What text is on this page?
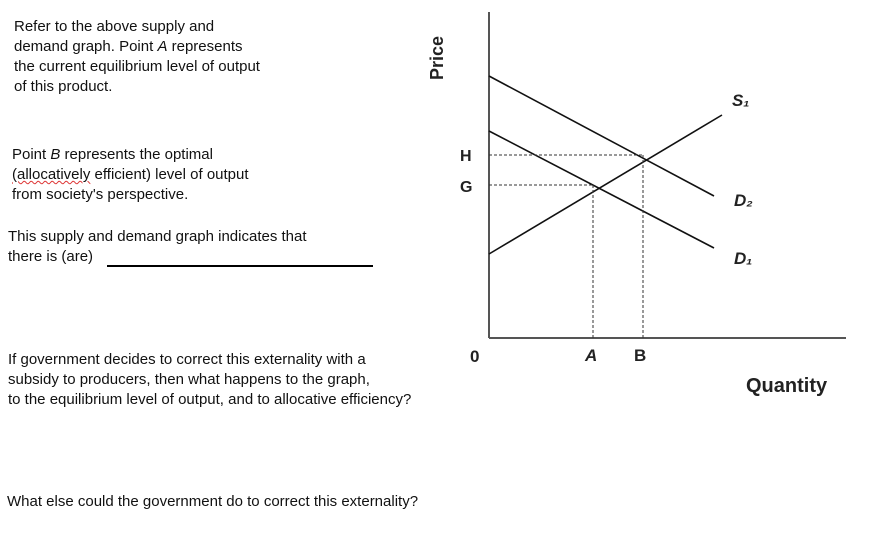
Refer to the above supply and
demand graph. Point A represents
the current equilibrium level of output
of this product.
Point B represents the optimal
(allocatively efficient) level of output
from society's perspective.
This supply and demand graph indicates that
there is (are)
If government decides to correct this externality with a
subsidy to producers, then what happens to the graph,
to the equilibrium level of output, and to allocative efficiency?
What else could the government do to correct this externality?
Price
Quantity
H
G
0	A B
S₁
D₂
D₁
